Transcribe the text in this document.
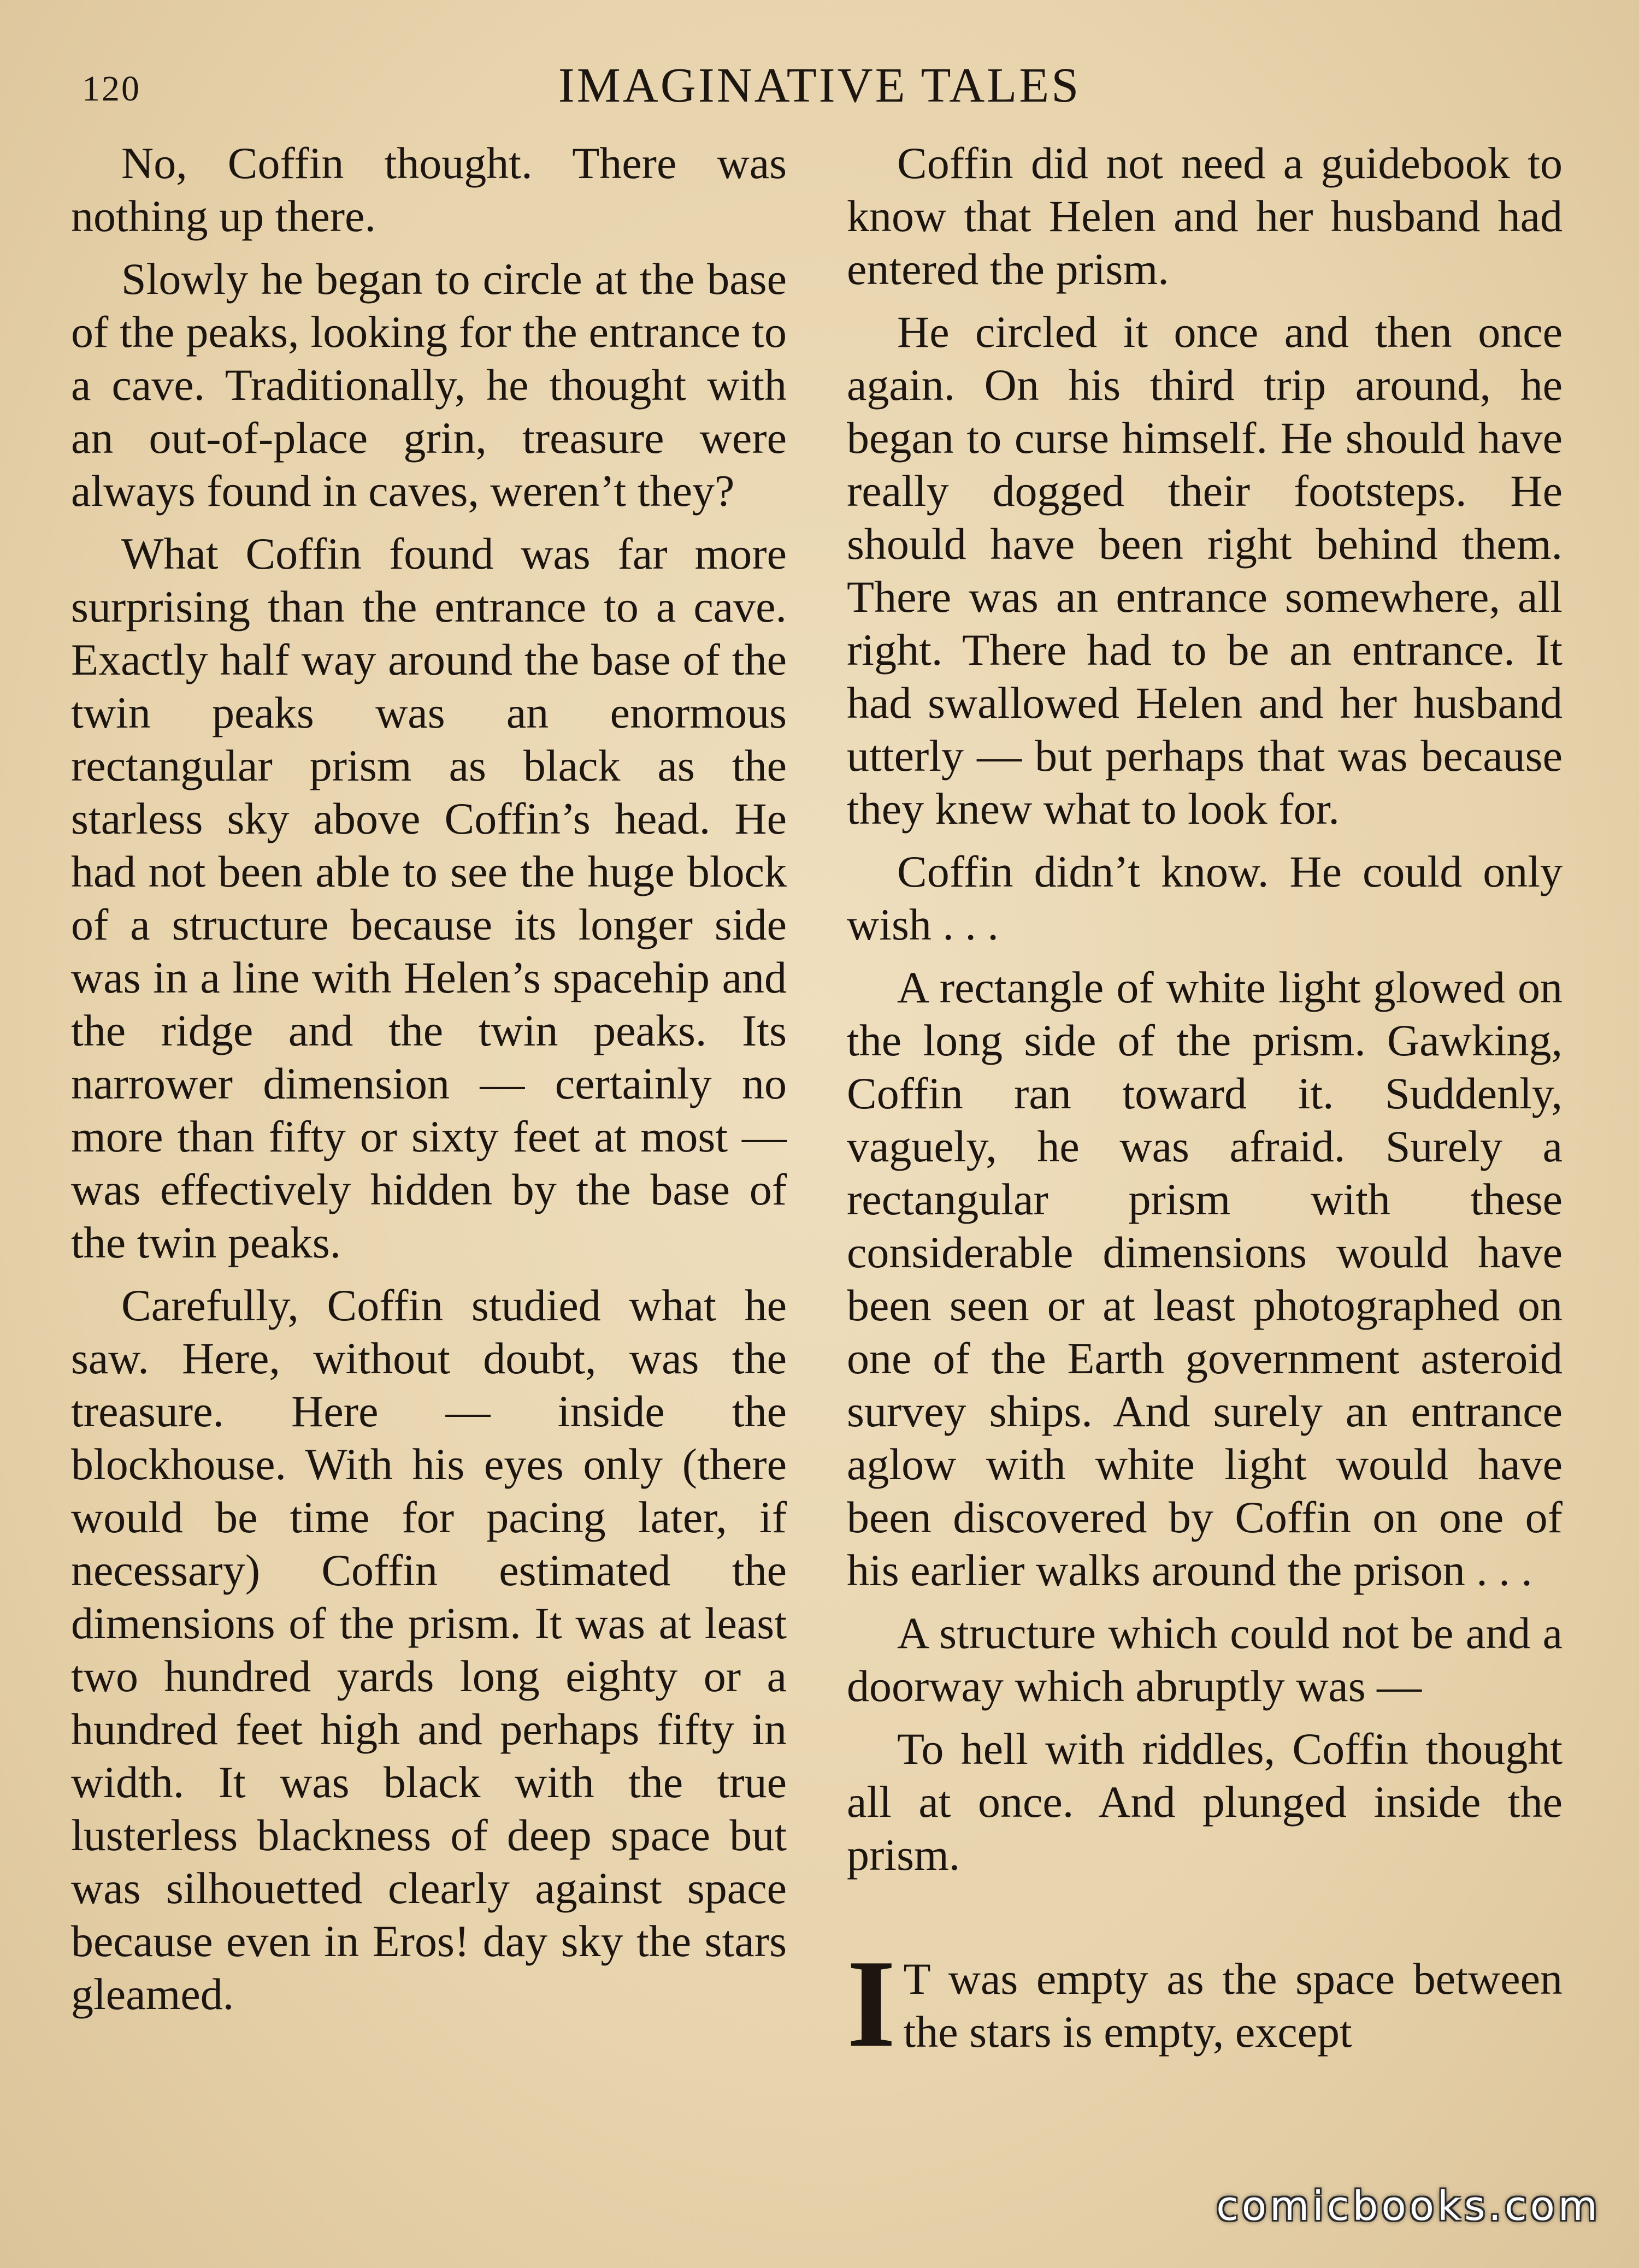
120	IMAGINATIVE TALES

No, Coffin thought. There was nothing up there.

Slowly he began to circle at the base of the peaks, looking for the entrance to a cave. Traditionally, he thought with an out-of-place grin, treasure were always found in caves, weren’t they?

What Coffin found was far more surprising than the entrance to a cave. Exactly half way around the base of the twin peaks was an enormous rectangular prism as black as the starless sky above Coffin’s head. He had not been able to see the huge block of a structure because its longer side was in a line with Helen’s spacehip and the ridge and the twin peaks. Its narrower dimension — certainly no more than fifty or sixty feet at most — was effectively hidden by the base of the twin peaks.

Carefully, Coffin studied what he saw. Here, without doubt, was the treasure. Here — inside the blockhouse. With his eyes only (there would be time for pacing later, if necessary) Coffin estimated the dimensions of the prism. It was at least two hundred yards long eighty or a hundred feet high and perhaps fifty in width. It was black with the true lusterless blackness of deep space but was silhouetted clearly against space because even in Eros! day sky the stars gleamed.

Coffin did not need a guidebook to know that Helen and her husband had entered the prism.

He circled it once and then once again. On his third trip around, he began to curse himself. He should have really dogged their footsteps. He should have been right behind them. There was an entrance somewhere, all right. There had to be an entrance. It had swallowed Helen and her husband utterly — but perhaps that was because they knew what to look for.

Coffin didn’t know. He could only wish . . .

A rectangle of white light glowed on the long side of the prism. Gawking, Coffin ran toward it. Suddenly, vaguely, he was afraid. Surely a rectangular prism with these considerable dimensions would have been seen or at least photographed on one of the Earth government asteroid survey ships. And surely an entrance aglow with white light would have been discovered by Coffin on one of his earlier walks around the prison . . .

A structure which could not be and a doorway which abruptly was —

To hell with riddles, Coffin thought all at once. And plunged inside the prism.

I T was empty as the space between the stars is empty, except

comicbooks.com
